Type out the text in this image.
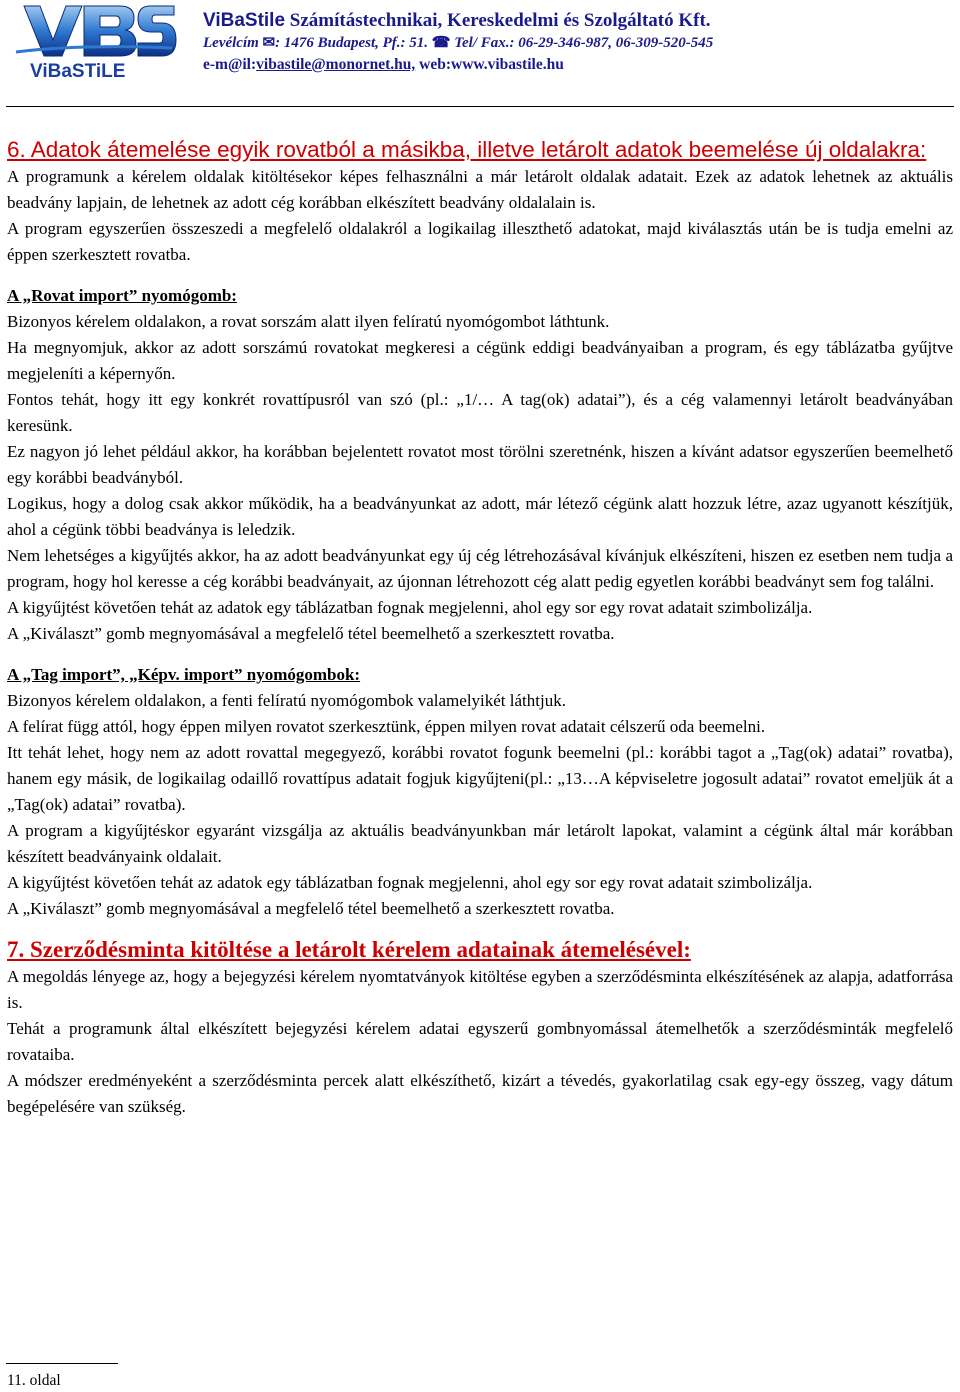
ViBaSTiLE
ViBaStile Számítástechnikai, Kereskedelmi és Szolgáltató Kft.
Levélcím ✉: 1476 Budapest, Pf.: 51. ☎ Tel/ Fax.: 06-29-346-987, 06-309-520-545
e-m@il:vibastile@monornet.hu, web:www.vibastile.hu
6. Adatok átemelése egyik rovatból a másikba, illetve letárolt adatok beemelése új oldalakra:

A programunk a kérelem oldalak kitöltésekor képes felhasználni a már letárolt oldalak adatait. Ezek az adatok lehetnek az aktuális beadvány lapjain, de lehetnek az adott cég korábban elkészített beadvány oldalalain is.

A program egyszerűen összeszedi a megfelelő oldalakról a logikailag illeszthető adatokat, majd kiválasztás után be is tudja emelni az éppen szerkesztett rovatba.

A „Rovat import” nyomógomb:

Bizonyos kérelem oldalakon, a rovat sorszám alatt ilyen felíratú nyomógombot láthtunk.

Ha megnyomjuk, akkor az adott sorszámú rovatokat megkeresi a cégünk eddigi beadványaiban a program, és egy táblázatba gyűjtve megjeleníti a képernyőn.

Fontos tehát, hogy itt egy konkrét rovattípusról van szó (pl.: „1/… A tag(ok) adatai”), és a cég valamennyi letárolt beadványában keresünk.

Ez nagyon jó lehet például akkor, ha korábban bejelentett rovatot most törölni szeretnénk, hiszen a kívánt adatsor egyszerűen beemelhető egy korábbi beadványból.

Logikus, hogy a dolog csak akkor működik, ha a beadványunkat az adott, már létező cégünk alatt hozzuk létre, azaz ugyanott készítjük, ahol a cégünk többi beadványa is leledzik.

Nem lehetséges a kigyűjtés akkor, ha az adott beadványunkat egy új cég létrehozásával kívánjuk elkészíteni, hiszen ez esetben nem tudja a program, hogy hol keresse a cég korábbi beadványait, az újonnan létrehozott cég alatt pedig egyetlen korábbi beadványt sem fog találni.

A kigyűjtést követően tehát az adatok egy táblázatban fognak megjelenni, ahol egy sor egy rovat adatait szimbolizálja.

A „Kiválaszt” gomb megnyomásával a megfelelő tétel beemelhető a szerkesztett rovatba.

A „Tag import”, „Képv. import” nyomógombok:

Bizonyos kérelem oldalakon, a fenti felíratú nyomógombok valamelyikét láthtjuk.

A felírat függ attól, hogy éppen milyen rovatot szerkesztünk, éppen milyen rovat adatait célszerű oda beemelni.

Itt tehát lehet, hogy nem az adott rovattal megegyező, korábbi rovatot fogunk beemelni (pl.: korábbi tagot a „Tag(ok) adatai” rovatba), hanem egy másik, de logikailag odaillő rovattípus adatait fogjuk kigyűjteni(pl.: „13…A képviseletre jogosult adatai” rovatot emeljük át a „Tag(ok) adatai” rovatba).

A program a kigyűjtéskor egyaránt vizsgálja az aktuális beadványunkban már letárolt lapokat, valamint a cégünk által már korábban készített beadványaink oldalait.

A kigyűjtést követően tehát az adatok egy táblázatban fognak megjelenni, ahol egy sor egy rovat adatait szimbolizálja.

A „Kiválaszt” gomb megnyomásával a megfelelő tétel beemelhető a szerkesztett rovatba.

7. Szerződésminta kitöltése a letárolt kérelem adatainak átemelésével:

A megoldás lényege az, hogy a bejegyzési kérelem nyomtatványok kitöltése egyben a szerződésminta elkészítésének az alapja, adatforrása is.

Tehát a programunk által elkészített bejegyzési kérelem adatai egyszerű gombnyomással átemelhetők a szerződésminták megfelelő rovataiba.

A módszer eredményeként a szerződésminta percek alatt elkészíthető, kizárt a tévedés, gyakorlatilag csak egy-egy összeg, vagy dátum begépelésére van szükség.

11. oldal
